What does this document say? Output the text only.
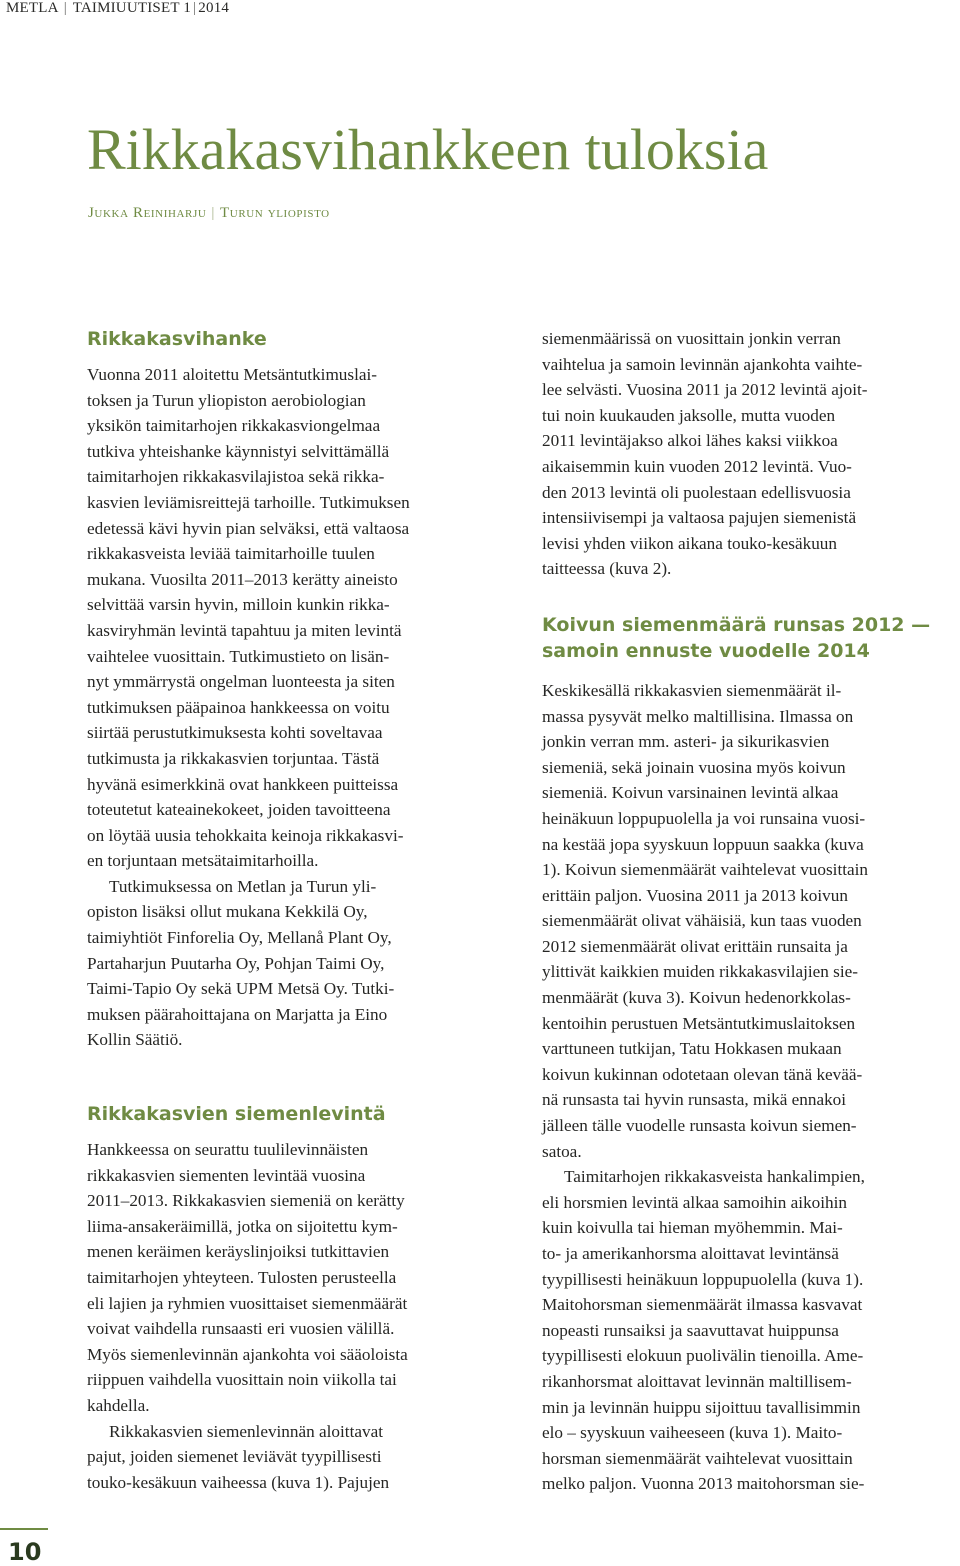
METLA | TAIMIUUTISET 1 | 2014
Rikkakasvihankkeen tuloksia
Jukka Reiniharju | Turun yliopisto
Rikkakasvihanke

Vuonna 2011 aloitettu Metsäntutkimuslai-
toksen ja Turun yliopiston aerobiologian
yksikön taimitarhojen rikkakasviongelmaa
tutkiva yhteishanke käynnistyi selvittämällä
taimitarhojen rikkakasvilajistoa sekä rikka-
kasvien leviämisreittejä tarhoille. Tutkimuksen
edetessä kävi hyvin pian selväksi, että valtaosa
rikkakasveista leviää taimitarhoille tuulen
mukana. Vuosilta 2011–2013 kerätty aineisto
selvittää varsin hyvin, milloin kunkin rikka-
kasviryhmän levintä tapahtuu ja miten levintä
vaihtelee vuosittain. Tutkimustieto on lisän-
nyt ymmärrystä ongelman luonteesta ja siten
tutkimuksen pääpainoa hankkeessa on voitu
siirtää perustutkimuksesta kohti soveltavaa
tutkimusta ja rikkakasvien torjuntaa. Tästä
hyvänä esimerkkinä ovat hankkeen puitteissa
toteutetut kateainekokeet, joiden tavoitteena
on löytää uusia tehokkaita keinoja rikkakasvi-
en torjuntaan metsätaimitarhoilla.

Tutkimuksessa on Metlan ja Turun yli-
opiston lisäksi ollut mukana Kekkilä Oy,
taimiyhtiöt Finforelia Oy, Mellanå Plant Oy,
Partaharjun Puutarha Oy, Pohjan Taimi Oy,
Taimi-Tapio Oy sekä UPM Metsä Oy. Tutki-
muksen päärahoittajana on Marjatta ja Eino
Kollin Säätiö.

Rikkakasvien siemenlevintä

Hankkeessa on seurattu tuulilevinnäisten
rikkakasvien siementen levintää vuosina
2011–2013. Rikkakasvien siemeniä on kerätty
liima-ansakeräimillä, jotka on sijoitettu kym-
menen keräimen keräyslinjoiksi tutkittavien
taimitarhojen yhteyteen. Tulosten perusteella
eli lajien ja ryhmien vuosittaiset siemenmäärät
voivat vaihdella runsaasti eri vuosien välillä.
Myös siemenlevinnän ajankohta voi sääoloista
riippuen vaihdella vuosittain noin viikolla tai
kahdella.

Rikkakasvien siemenlevinnän aloittavat
pajut, joiden siemenet leviävät tyypillisesti
touko-kesäkuun vaiheessa (kuva 1). Pajujen

siemenmäärissä on vuosittain jonkin verran
vaihtelua ja samoin levinnän ajankohta vaihte-
lee selvästi. Vuosina 2011 ja 2012 levintä ajoit-
tui noin kuukauden jaksolle, mutta vuoden
2011 levintäjakso alkoi lähes kaksi viikkoa
aikaisemmin kuin vuoden 2012 levintä. Vuo-
den 2013 levintä oli puolestaan edellisvuosia
intensiivisempi ja valtaosa pajujen siemenistä
levisi yhden viikon aikana touko-kesäkuun
taitteessa (kuva 2).

Koivun siemenmäärä runsas 2012 —
samoin ennuste vuodelle 2014

Keskikesällä rikkakasvien siemenmäärät il-
massa pysyvät melko maltillisina. Ilmassa on
jonkin verran mm. asteri- ja sikurikasvien
siemeniä, sekä joinain vuosina myös koivun
siemeniä. Koivun varsinainen levintä alkaa
heinäkuun loppupuolella ja voi runsaina vuosi-
na kestää jopa syyskuun loppuun saakka (kuva
1). Koivun siemenmäärät vaihtelevat vuosittain
erittäin paljon. Vuosina 2011 ja 2013 koivun
siemenmäärät olivat vähäisiä, kun taas vuoden
2012 siemenmäärät olivat erittäin runsaita ja
ylittivät kaikkien muiden rikkakasvilajien sie-
menmäärät (kuva 3). Koivun hedenorkkolas-
kentoihin perustuen Metsäntutkimuslaitoksen
varttuneen tutkijan, Tatu Hokkasen mukaan
koivun kukinnan odotetaan olevan tänä kevää-
nä runsasta tai hyvin runsasta, mikä ennakoi
jälleen tälle vuodelle runsasta koivun siemen-
satoa.

Taimitarhojen rikkakasveista hankalimpien,
eli horsmien levintä alkaa samoihin aikoihin
kuin koivulla tai hieman myöhemmin. Mai-
to- ja amerikanhorsma aloittavat levintänsä
tyypillisesti heinäkuun loppupuolella (kuva 1).
Maitohorsman siemenmäärät ilmassa kasvavat
nopeasti runsaiksi ja saavuttavat huippunsa
tyypillisesti elokuun puolivälin tienoilla. Ame-
rikanhorsmat aloittavat levinnän maltillisem-
min ja levinnän huippu sijoittuu tavallisimmin
elo – syyskuun vaiheeseen (kuva 1). Maito-
horsman siemenmäärät vaihtelevat vuosittain
melko paljon. Vuonna 2013 maitohorsman sie-

10
